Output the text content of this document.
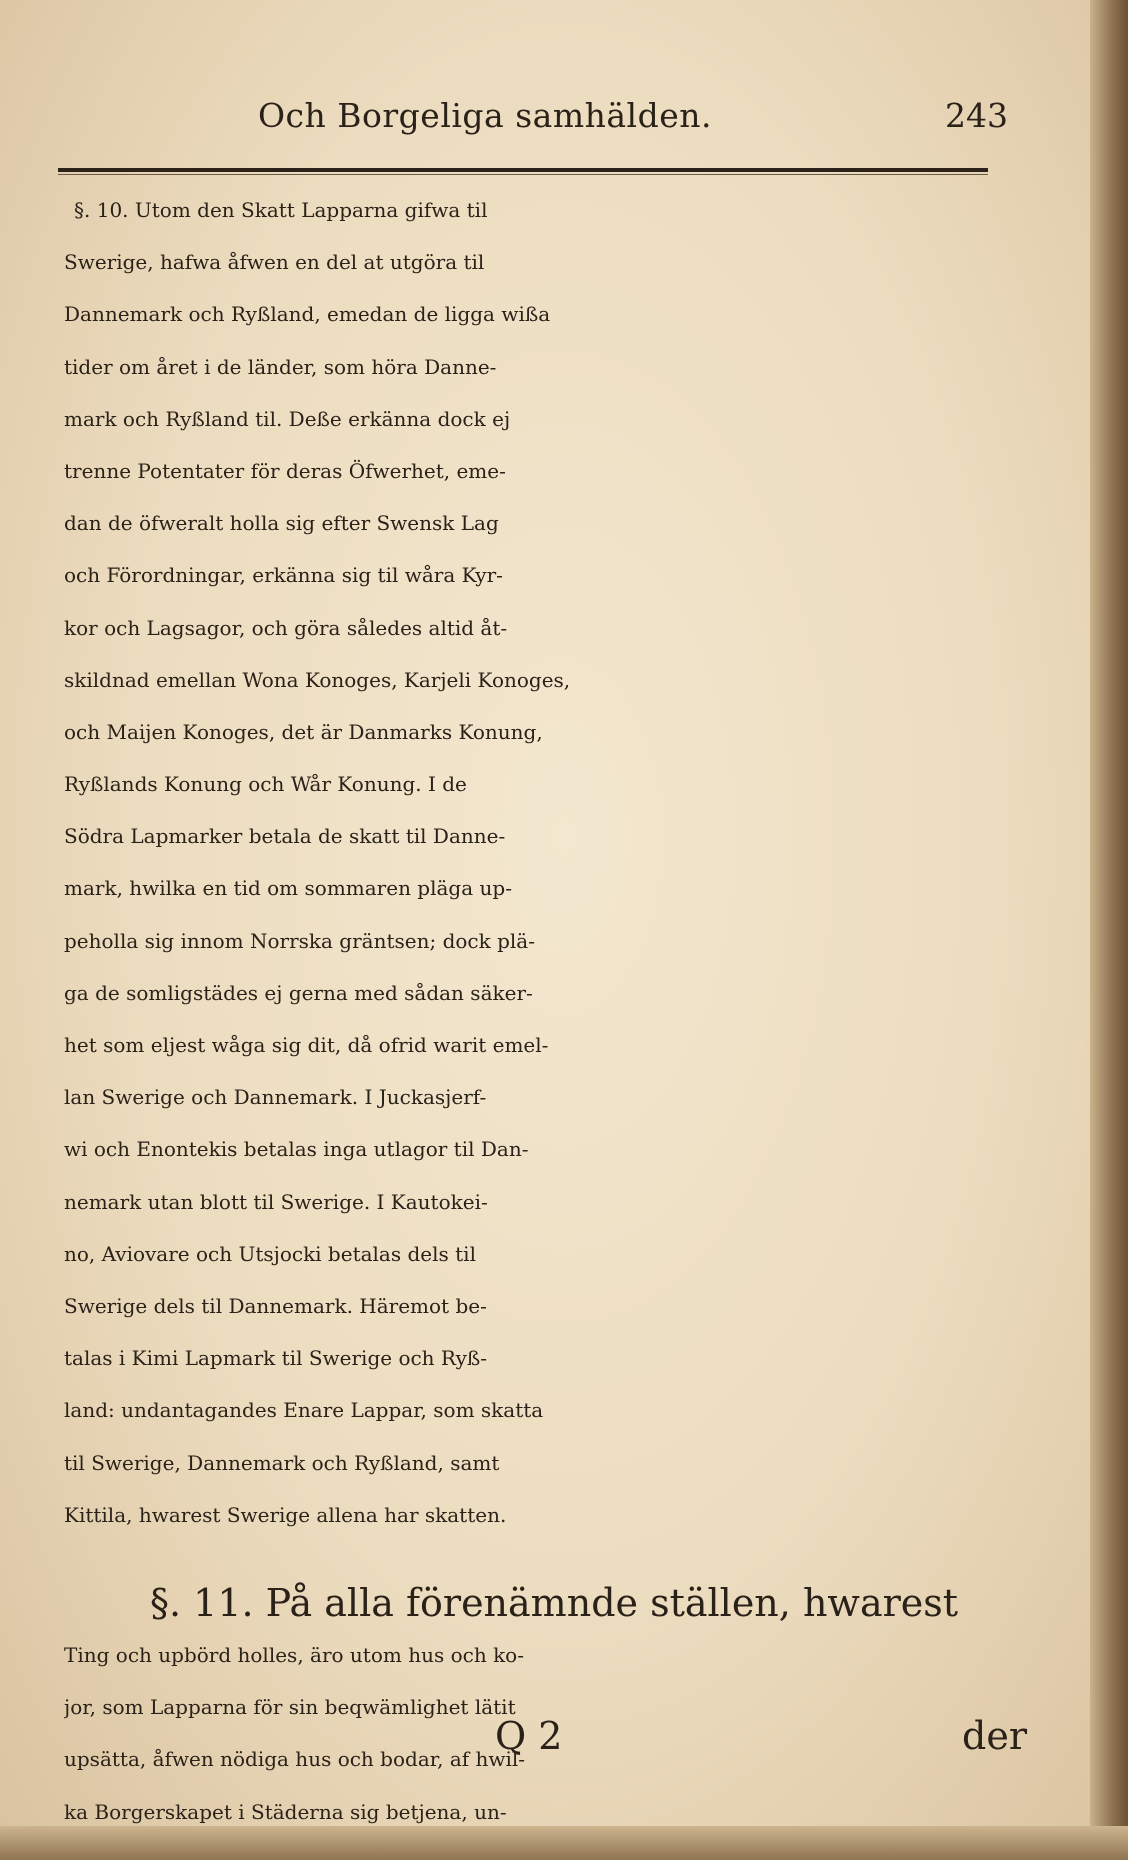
Och Borgeliga samhälden.	243
§. 10. Utom den Skatt Lapparna gifwa til
Swerige, hafwa åfwen en del at utgöra til
Dannemark och Ryßland, emedan de ligga wißa
tider om året i de länder, som höra Danne-
mark och Ryßland til. Deße erkänna dock ej
trenne Potentater för deras Öfwerhet, eme-
dan de öfweralt holla sig efter Swensk Lag
och Förordningar, erkänna sig til wåra Kyr-
kor och Lagsagor, och göra således altid åt-
skildnad emellan Wona Konoges, Karjeli Konoges,
och Maijen Konoges, det är Danmarks Konung,
Ryßlands Konung och Wår Konung. I de
Södra Lapmarker betala de skatt til Danne-
mark, hwilka en tid om sommaren pläga up-
peholla sig innom Norrska gräntsen; dock plä-
ga de somligstädes ej gerna med sådan säker-
het som eljest wåga sig dit, då ofrid warit emel-
lan Swerige och Dannemark. I Juckasjerf-
wi och Enontekis betalas inga utlagor til Dan-
nemark utan blott til Swerige. I Kautokei-
no, Aviovare och Utsjocki betalas dels til
Swerige dels til Dannemark. Häremot be-
talas i Kimi Lapmark til Swerige och Ryß-
land: undantagandes Enare Lappar, som skatta
til Swerige, Dannemark och Ryßland, samt
Kittila, hwarest Swerige allena har skatten.
§. 11. På alla förenämnde ställen, hwarest
Ting och upbörd holles, äro utom hus och ko-
jor, som Lapparna för sin beqwämlighet lätit
upsätta, åfwen nödiga hus och bodar, af hwil-
ka Borgerskapet i Städerna sig betjena, un-
Q 2	der
